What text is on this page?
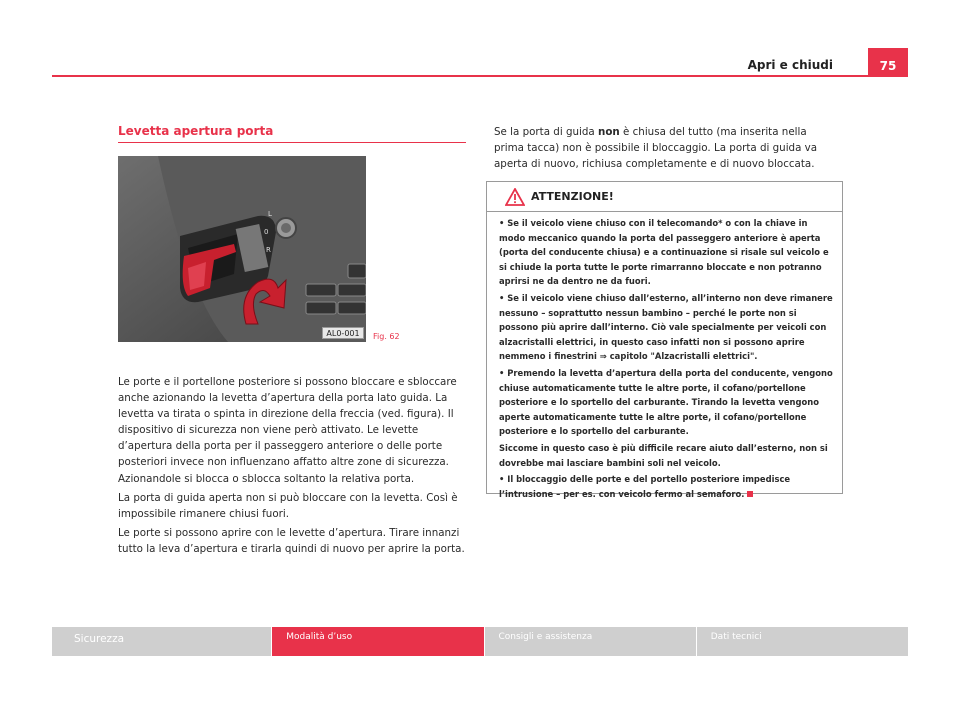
Apri e chiudi	75
Levetta apertura porta
L
0
R
AL0-001	Fig. 62

Le porte e il portellone posteriore si possono bloccare e sbloccare anche azionando la levetta d’apertura della porta lato guida. La levetta va tirata o spinta in direzione della freccia (ved. figura). Il dispositivo di sicurezza non viene però attivato. Le levette d’apertura della porta per il passeggero anteriore o delle porte posteriori invece non influenzano affatto altre zone di sicurezza. Azionandole si blocca o sblocca soltanto la relativa porta.

La porta di guida aperta non si può bloccare con la levetta. Così è impossibile rimanere chiusi fuori.

Le porte si possono aprire con le levette d’apertura. Tirare innanzi tutto la leva d’apertura e tirarla quindi di nuovo per aprire la porta.

Se la porta di guida non è chiusa del tutto (ma inserita nella prima tacca) non è possibile il bloccaggio. La porta di guida va aperta di nuovo, richiusa completamente e di nuovo bloccata.

ATTENZIONE!

• Se il veicolo viene chiuso con il telecomando* o con la chiave in modo meccanico quando la porta del passeggero anteriore è aperta (porta del conducente chiusa) e a continuazione si risale sul veicolo e si chiude la porta tutte le porte rimarranno bloccate e non potranno aprirsi ne da dentro ne da fuori.

• Se il veicolo viene chiuso dall’esterno, all’interno non deve rimanere nessuno – soprattutto nessun bambino – perché le porte non si possono più aprire dall’interno. Ciò vale specialmente per veicoli con alzacristalli elettrici, in questo caso infatti non si possono aprire nemmeno i finestrini ⇒ capitolo "Alzacristalli elettrici".

• Premendo la levetta d’apertura della porta del conducente, vengono chiuse automaticamente tutte le altre porte, il cofano/portellone posteriore e lo sportello del carburante. Tirando la levetta vengono aperte automaticamente tutte le altre porte, il cofano/portellone posteriore e lo sportello del carburante.

Siccome in questo caso è più difficile recare aiuto dall’esterno, non si dovrebbe mai lasciare bambini soli nel veicolo.

• Il bloccaggio delle porte e del portello posteriore impedisce l’intrusione – per es. con veicolo fermo al semaforo.

Sicurezza	Modalità d’uso	Consigli e assistenza	Dati tecnici
